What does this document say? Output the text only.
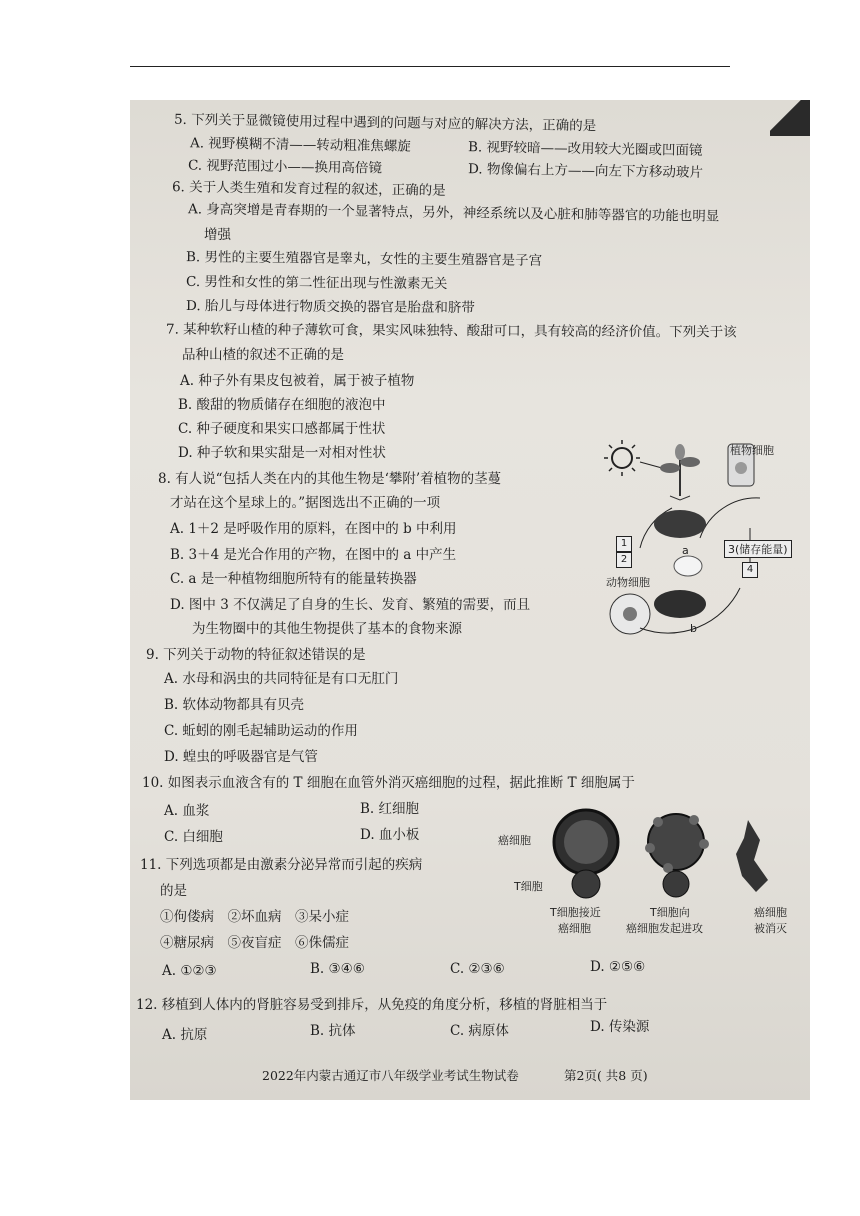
5. 下列关于显微镜使用过程中遇到的问题与对应的解决方法，正确的是
A. 视野模糊不清——转动粗准焦螺旋	B. 视野较暗——改用较大光圈或凹面镜
C. 视野范围过小——换用高倍镜	D. 物像偏右上方——向左下方移动玻片
6. 关于人类生殖和发育过程的叙述，正确的是
A. 身高突增是青春期的一个显著特点，另外，神经系统以及心脏和肺等器官的功能也明显
增强
B. 男性的主要生殖器官是睾丸，女性的主要生殖器官是子宫
C. 男性和女性的第二性征出现与性激素无关
D. 胎儿与母体进行物质交换的器官是胎盘和脐带
7. 某种软籽山楂的种子薄软可食，果实风味独特、酸甜可口，具有较高的经济价值。下列关于该
品种山楂的叙述不正确的是
A. 种子外有果皮包被着，属于被子植物
B. 酸甜的物质储存在细胞的液泡中
C. 种子硬度和果实口感都属于性状
D. 种子软和果实甜是一对相对性状
8. 有人说“包括人类在内的其他生物是‘攀附’着植物的茎蔓
才站在这个星球上的。”据图选出不正确的一项
A. 1＋2 是呼吸作用的原料，在图中的 b 中利用
B. 3＋4 是光合作用的产物，在图中的 a 中产生
C. a 是一种植物细胞所特有的能量转换器
D. 图中 3 不仅满足了自身的生长、发育、繁殖的需要，而且
为生物圈中的其他生物提供了基本的食物来源
植物细胞
动物细胞
a
b
1
2
3(储存能量)
4
9. 下列关于动物的特征叙述错误的是
A. 水母和涡虫的共同特征是有口无肛门
B. 软体动物都具有贝壳
C. 蚯蚓的刚毛起辅助运动的作用
D. 蝗虫的呼吸器官是气管
10. 如图表示血液含有的 T 细胞在血管外消灭癌细胞的过程，据此推断 T 细胞属于
A. 血浆	B. 红细胞
C. 白细胞	D. 血小板	癌细胞
T细胞
T细胞接近
癌细胞
T细胞向
癌细胞发起进攻
癌细胞
被消灭
11. 下列选项都是由激素分泌异常而引起的疾病
的是
①佝偻病　②坏血病　③呆小症
④糖尿病　⑤夜盲症　⑥侏儒症
A. ①②③	B. ③④⑥	C. ②③⑥	D. ②⑤⑥
12. 移植到人体内的肾脏容易受到排斥，从免疫的角度分析，移植的肾脏相当于
A. 抗原	B. 抗体	C. 病原体	D. 传染源
2022年内蒙古通辽市八年级学业考试生物试卷	第2页( 共8 页)
